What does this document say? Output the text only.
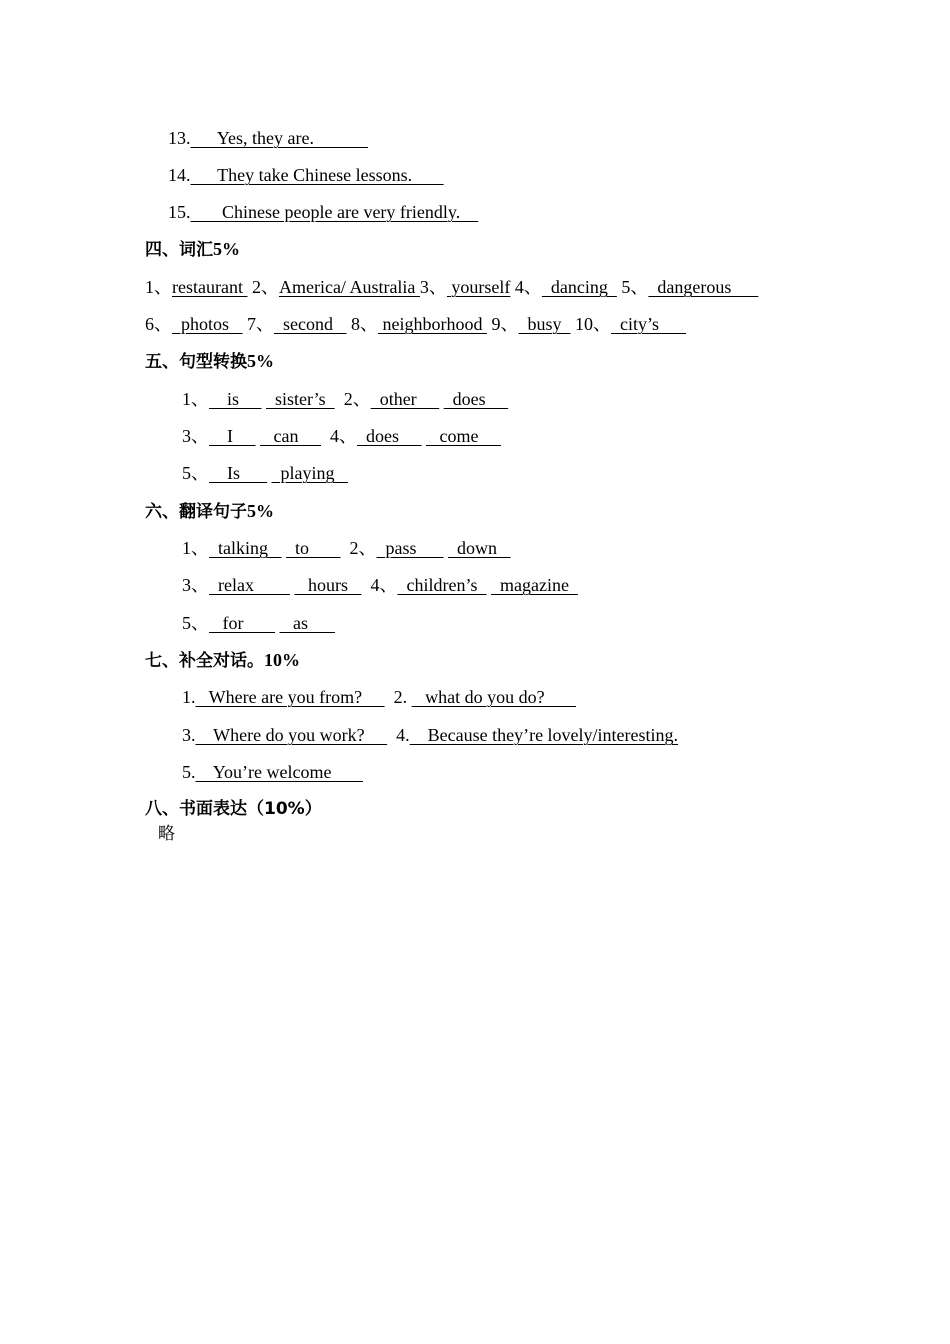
13.      Yes, they are.
14.      They take Chinese lessons.
15.       Chinese people are very friendly.
四、词汇5%
1、restaurant  2、America/ Australia 3、 yourself 4、  dancing   5、  dangerous
6、  photos    7、  second    8、 neighborhood  9、  busy   10、  city’s
五、句型转换5%
1、    is        sister’s    2、  other        does
3、    I         can       4、  does         come
5、    Is         playing
六、翻译句子5%
1、  talking      to         2、  pass         down
3、  relax            hours     4、  children’s     magazine
5、   for           as
七、补全对话。10%
1.   Where are you from?       2.    what do you do?
3.    Where do you work?       4.    Because they’re lovely/interesting.
5.    You’re welcome
八、书面表达（10%）
略
